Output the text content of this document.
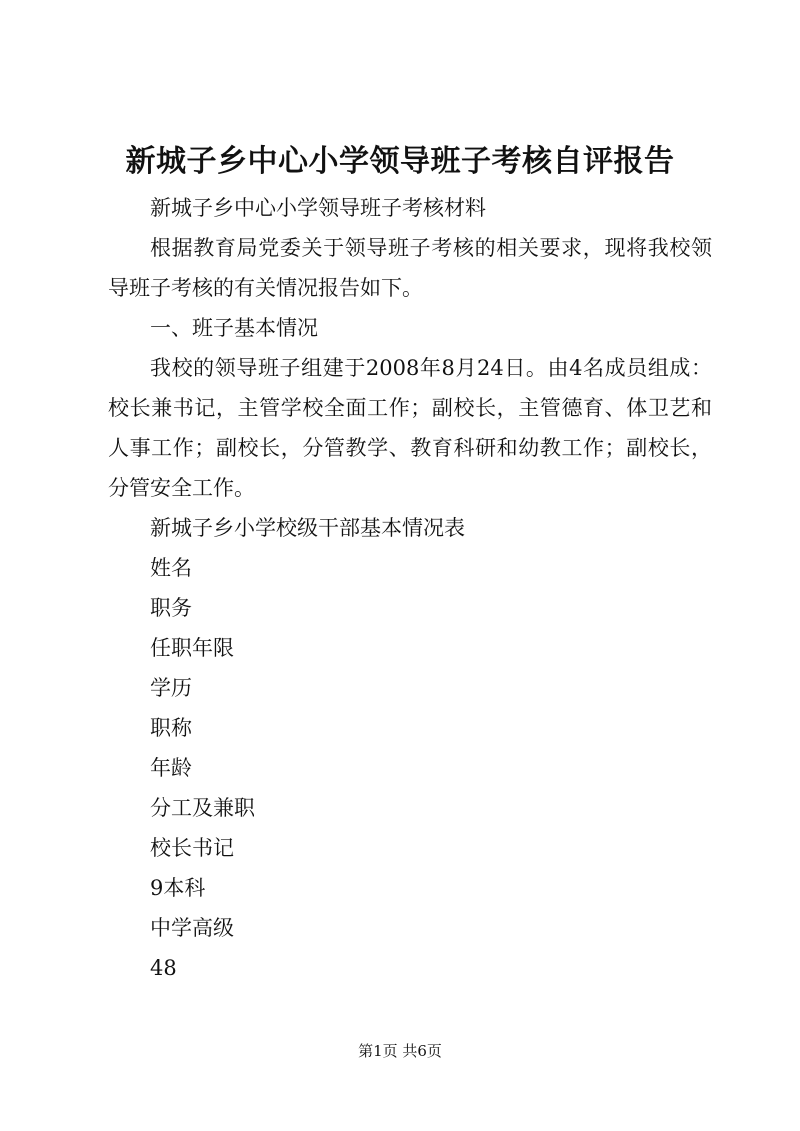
新城子乡中心小学领导班子考核自评报告

新城子乡中心小学领导班子考核材料

根据教育局党委关于领导班子考核的相关要求，现将我校领导班子考核的有关情况报告如下。

一、班子基本情况

我校的领导班子组建于2008年8月24日。由4名成员组成：校长兼书记，主管学校全面工作；副校长，主管德育、体卫艺和人事工作；副校长，分管教学、教育科研和幼教工作；副校长，分管安全工作。

新城子乡小学校级干部基本情况表

姓名

职务

任职年限

学历

职称

年龄

分工及兼职

校长书记

9本科

中学高级

48

第1页 共6页
